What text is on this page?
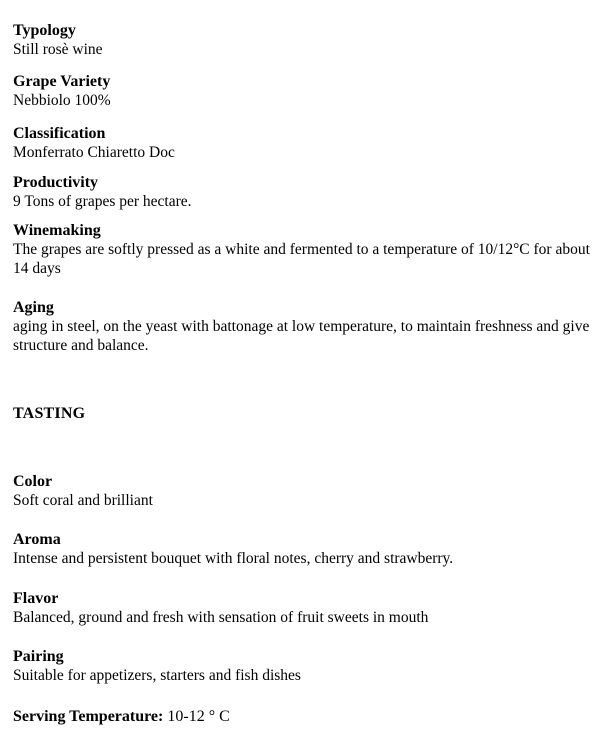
Typology
Still rosè wine
Grape Variety
Nebbiolo 100%
Classification
Monferrato Chiaretto Doc
Productivity
9 Tons of grapes per hectare.
Winemaking
The grapes are softly pressed as a white and fermented to a temperature of 10/12°C for about 14 days
Aging
aging in steel, on the yeast with battonage at low temperature, to maintain freshness and give structure and balance.
TASTING
Color
Soft coral and brilliant
Aroma
Intense and persistent bouquet with floral notes, cherry and strawberry.
Flavor
Balanced, ground and fresh with sensation of fruit sweets in mouth
Pairing
Suitable for appetizers, starters and fish dishes
Serving Temperature: 10-12 ° C
